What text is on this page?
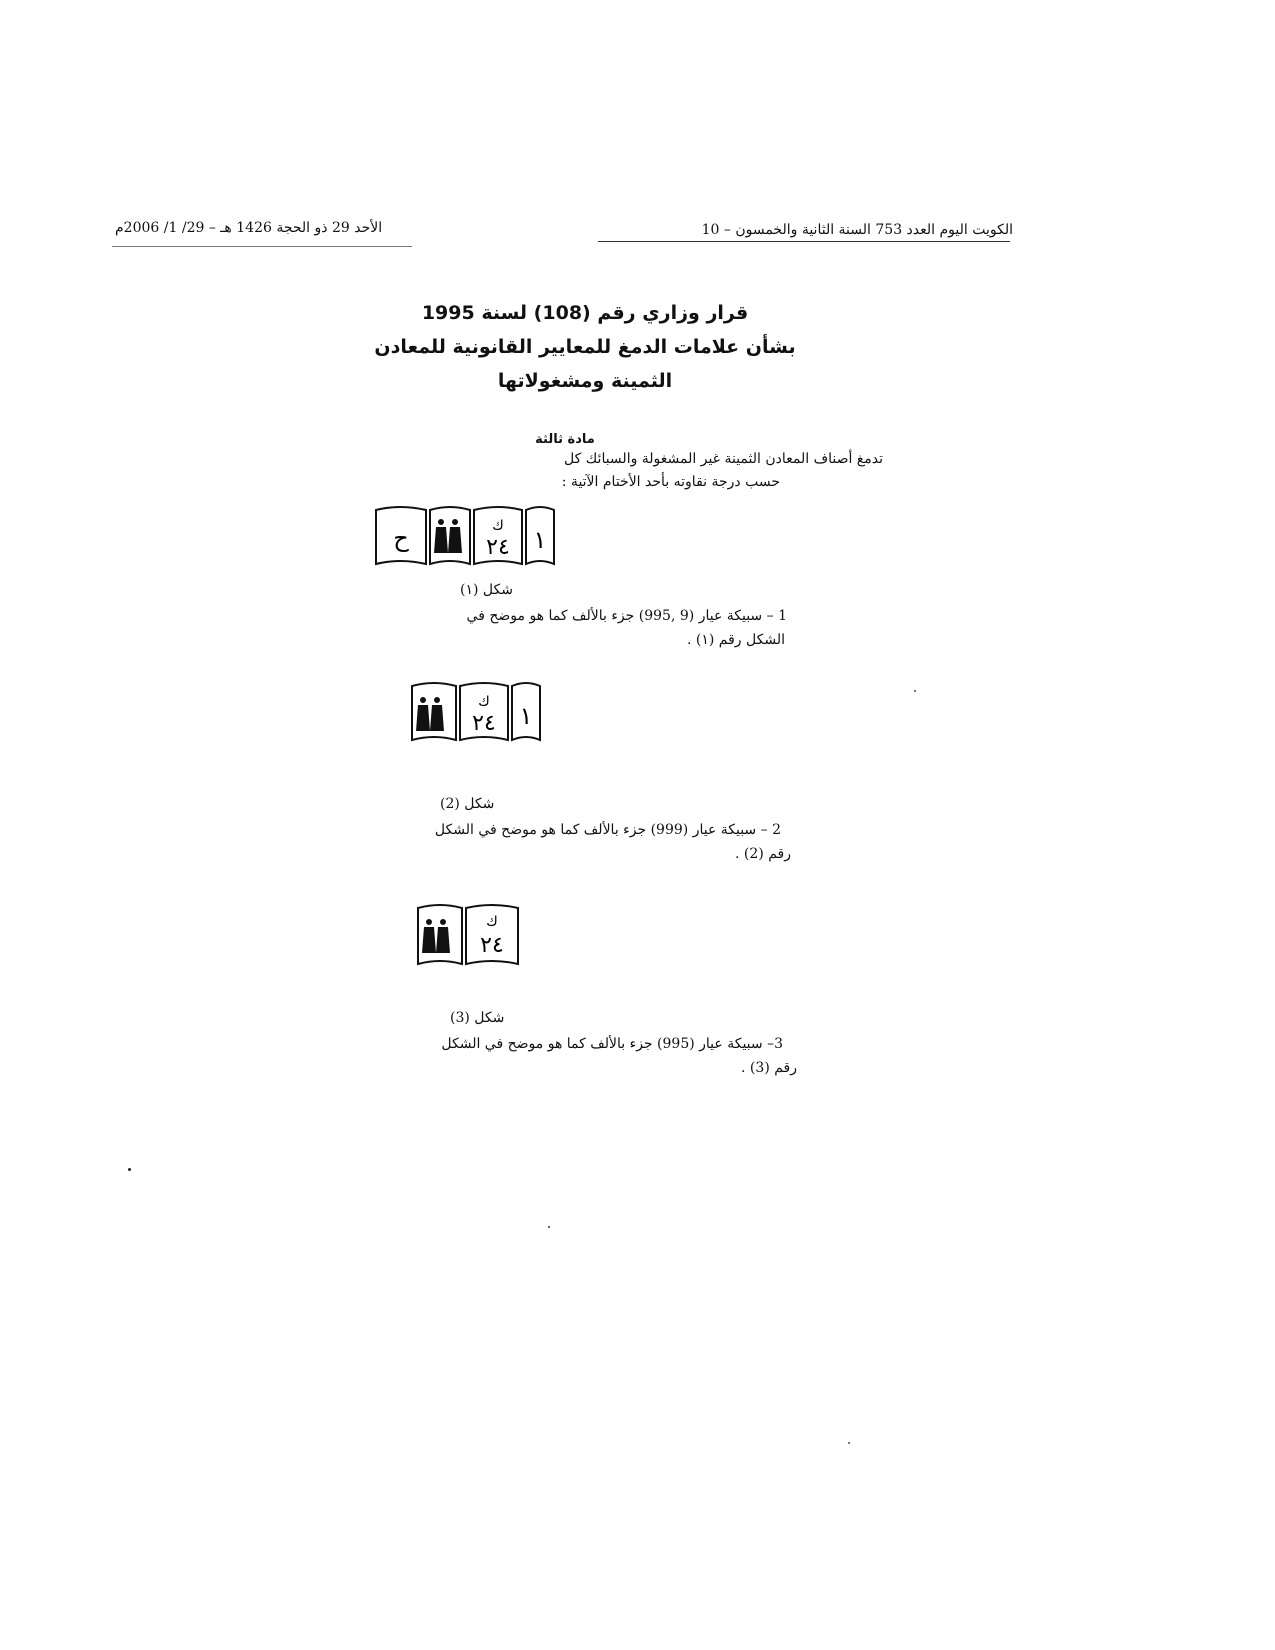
الكويت اليوم العدد 753 السنة الثانية والخمسون – 10
الأحد 29 ذو الحجة 1426 هـ – 29/ 1/ 2006م
قرار وزاري رقم (108) لسنة 1995
بشأن علامات الدمغ للمعايير القانونية للمعادن
الثمينة ومشغولاتها
مادة ثالثة
تدمغ أصناف المعادن الثمينة غير المشغولة والسبائك كل
حسب درجة نقاوته بأحد الأختام الآتية :
ح	ك
٢٤ ١
شكل (١)
1 – سبيكة عيار (9 ,995) جزء بالألف كما هو موضح في
الشكل رقم (١) .
ك
٢٤ ١
شكل (2)
2 – سبيكة عيار (999) جزء بالألف كما هو موضح في الشكل
رقم (2) .
ك
٢٤
شكل (3)
3– سبيكة عيار (995) جزء بالألف كما هو موضح في الشكل
رقم (3) .
